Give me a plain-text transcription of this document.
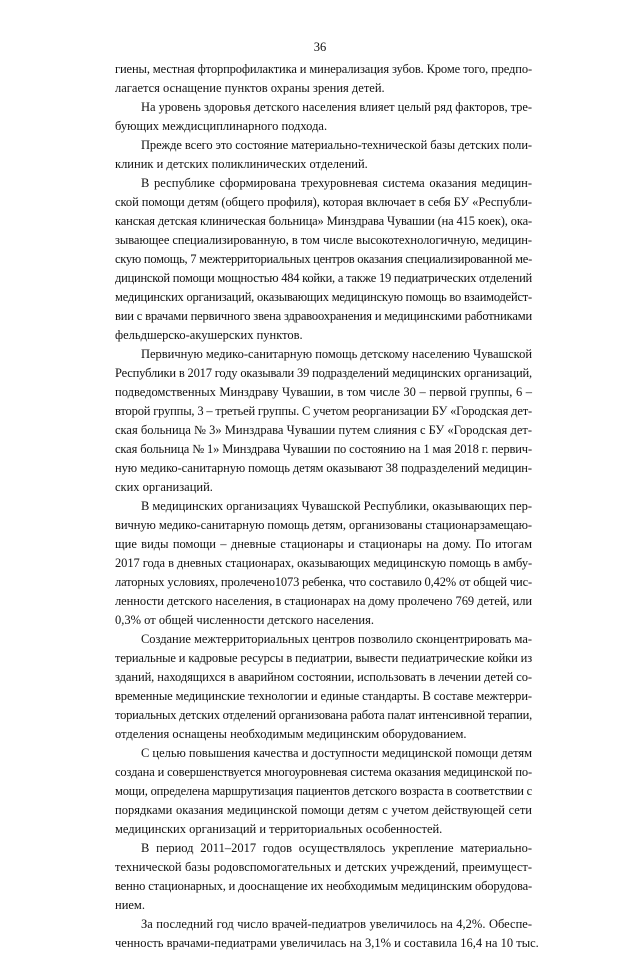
36
гиены, местная фторпрофилактика и минерализация зубов. Кроме того, предпо-
лагается оснащение пунктов охраны зрения детей.
На уровень здоровья детского населения влияет целый ряд факторов, тре-
бующих междисциплинарного подхода.
Прежде всего это состояние материально-технической базы детских поли-
клиник и детских поликлинических отделений.
В республике сформирована трехуровневая система оказания медицин-
ской помощи детям (общего профиля), которая включает в себя БУ «Республи-
канская детская клиническая больница» Минздрава Чувашии (на 415 коек), ока-
зывающее специализированную, в том числе высокотехнологичную, медицин-
скую помощь, 7 межтерриториальных центров оказания специализированной ме-
дицинской помощи мощностью 484 койки, а также 19 педиатрических отделений
медицинских организаций, оказывающих медицинскую помощь во взаимодейст-
вии с врачами первичного звена здравоохранения и медицинскими работниками
фельдшерско-акушерских пунктов.
Первичную медико-санитарную помощь детскому населению Чувашской
Республики в 2017 году оказывали 39 подразделений медицинских организаций,
подведомственных Минздраву Чувашии, в том числе 30 – первой группы, 6 –
второй группы, 3 – третьей группы. С учетом реорганизации БУ «Городская дет-
ская больница № 3» Минздрава Чувашии путем слияния с БУ «Городская дет-
ская больница № 1» Минздрава Чувашии по состоянию на 1 мая 2018 г. первич-
ную медико-санитарную помощь детям оказывают 38 подразделений медицин-
ских организаций.
В медицинских организациях Чувашской Республики, оказывающих пер-
вичную медико-санитарную помощь детям, организованы стационарзамещаю-
щие виды помощи – дневные стационары и стационары на дому. По итогам
2017 года в дневных стационарах, оказывающих медицинскую помощь в амбу-
латорных условиях, пролечено1073 ребенка, что составило 0,42% от общей чис-
ленности детского населения, в стационарах на дому пролечено 769 детей, или
0,3% от общей численности детского населения.
Создание межтерриториальных центров позволило сконцентрировать ма-
териальные и кадровые ресурсы в педиатрии, вывести педиатрические койки из
зданий, находящихся в аварийном состоянии, использовать в лечении детей со-
временные медицинские технологии и единые стандарты. В составе межтерри-
ториальных детских отделений организована работа палат интенсивной терапии,
отделения оснащены необходимым медицинским оборудованием.
С целью повышения качества и доступности медицинской помощи детям
создана и совершенствуется многоуровневая система оказания медицинской по-
мощи, определена маршрутизация пациентов детского возраста в соответствии с
порядками оказания медицинской помощи детям с учетом действующей сети
медицинских организаций и территориальных особенностей.
В период 2011–2017 годов осуществлялось укрепление материально-
технической базы родовспомогательных и детских учреждений, преимущест-
венно стационарных, и дооснащение их необходимым медицинским оборудова-
нием.
За последний год число врачей-педиатров увеличилось на 4,2%. Обеспе-
ченность врачами-педиатрами увеличилась на 3,1% и составила 16,4 на 10 тыс.
